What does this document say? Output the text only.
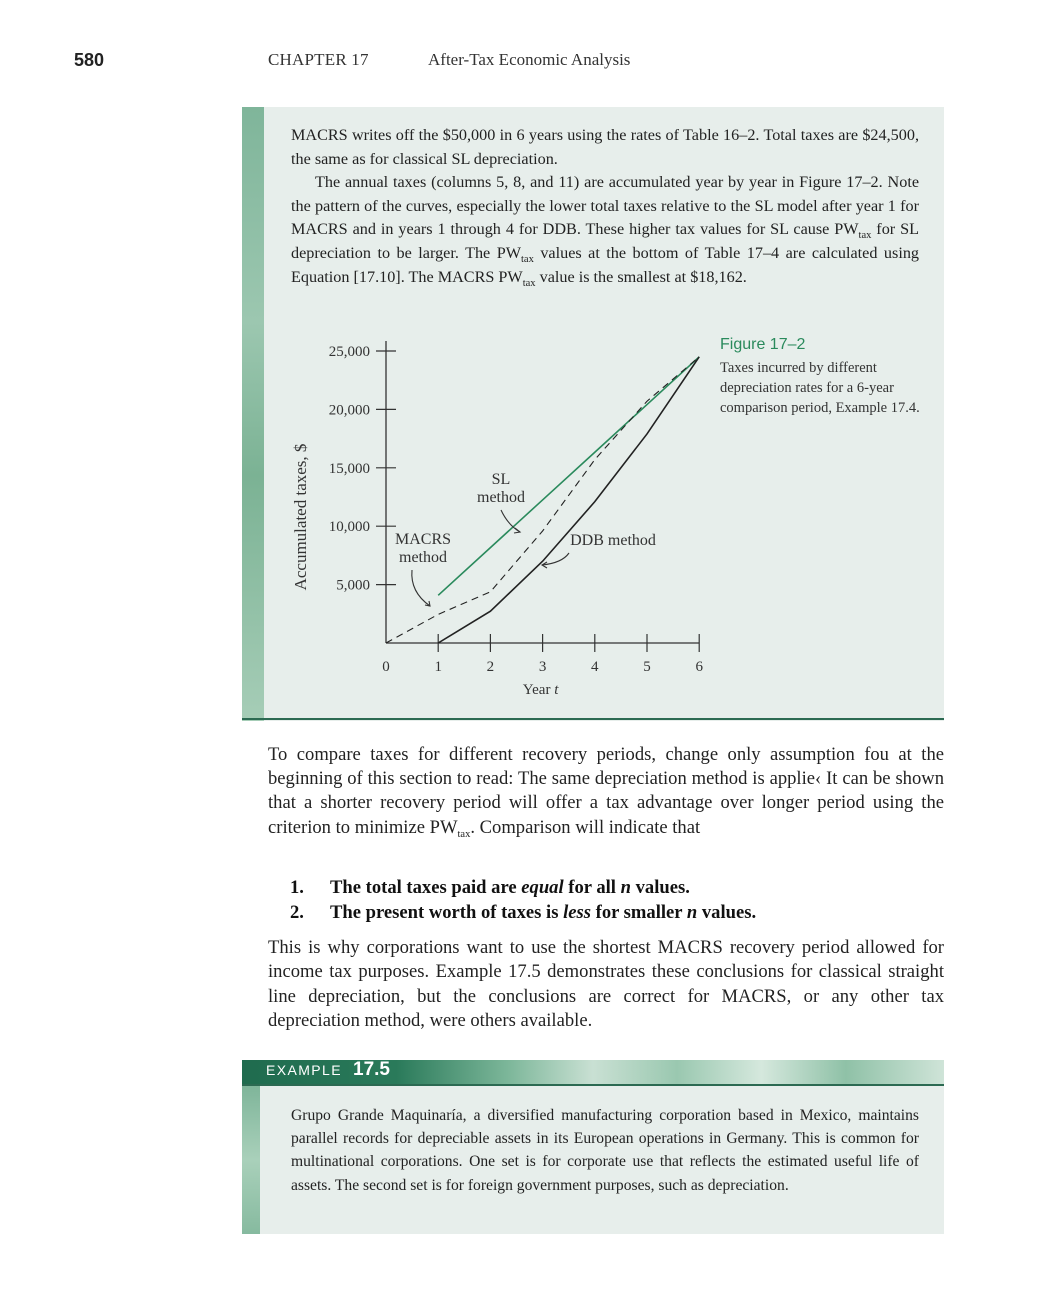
580	CHAPTER 17	After-Tax Economic Analysis

MACRS writes off the $50,000 in 6 years using the rates of Table 16–2. Total taxes are $24,500, the same as for classical SL depreciation.

The annual taxes (columns 5, 8, and 11) are accumulated year by year in Figure 17–2. Note the pattern of the curves, especially the lower total taxes relative to the SL model after year 1 for MACRS and in years 1 through 4 for DDB. These higher tax values for SL cause $PW_{tax}$ for SL depreciation to be larger. The $PW_{tax}$ values at the bottom of Table 17–4 are calculated using Equation [17.10]. The MACRS $PW_{tax}$ value is the smallest at $18,162.

5,000
10,000
15,000
20,000
25,000
0	1	2	3	4	5	6
Year t
Accumulated taxes, $	SL method
MACRS method
DDB method
Figure 17–2
Taxes incurred by different depreciation rates for a 6-year comparison period, Example 17.4.

To compare taxes for different recovery periods, change only assumption fou at the beginning of this section to read: The same depreciation method is applie‹ It can be shown that a shorter recovery period will offer a tax advantage over longer period using the criterion to minimize $PW_{tax}$. Comparison will indicate that

1. The total taxes paid are equal for all n values.
2. The present worth of taxes is less for smaller n values.
This is why corporations want to use the shortest MACRS recovery period allowed for income tax purposes. Example 17.5 demonstrates these conclusions for classical straight line depreciation, but the conclusions are correct for MACRS, or any other tax depreciation method, were others available.
EXAMPLE 17.5
Grupo Grande Maquinaría, a diversified manufacturing corporation based in Mexico, maintains parallel records for depreciable assets in its European operations in Germany. This is common for multinational corporations. One set is for corporate use that reflects the estimated useful life of assets. The second set is for foreign government purposes, such as depreciation.
